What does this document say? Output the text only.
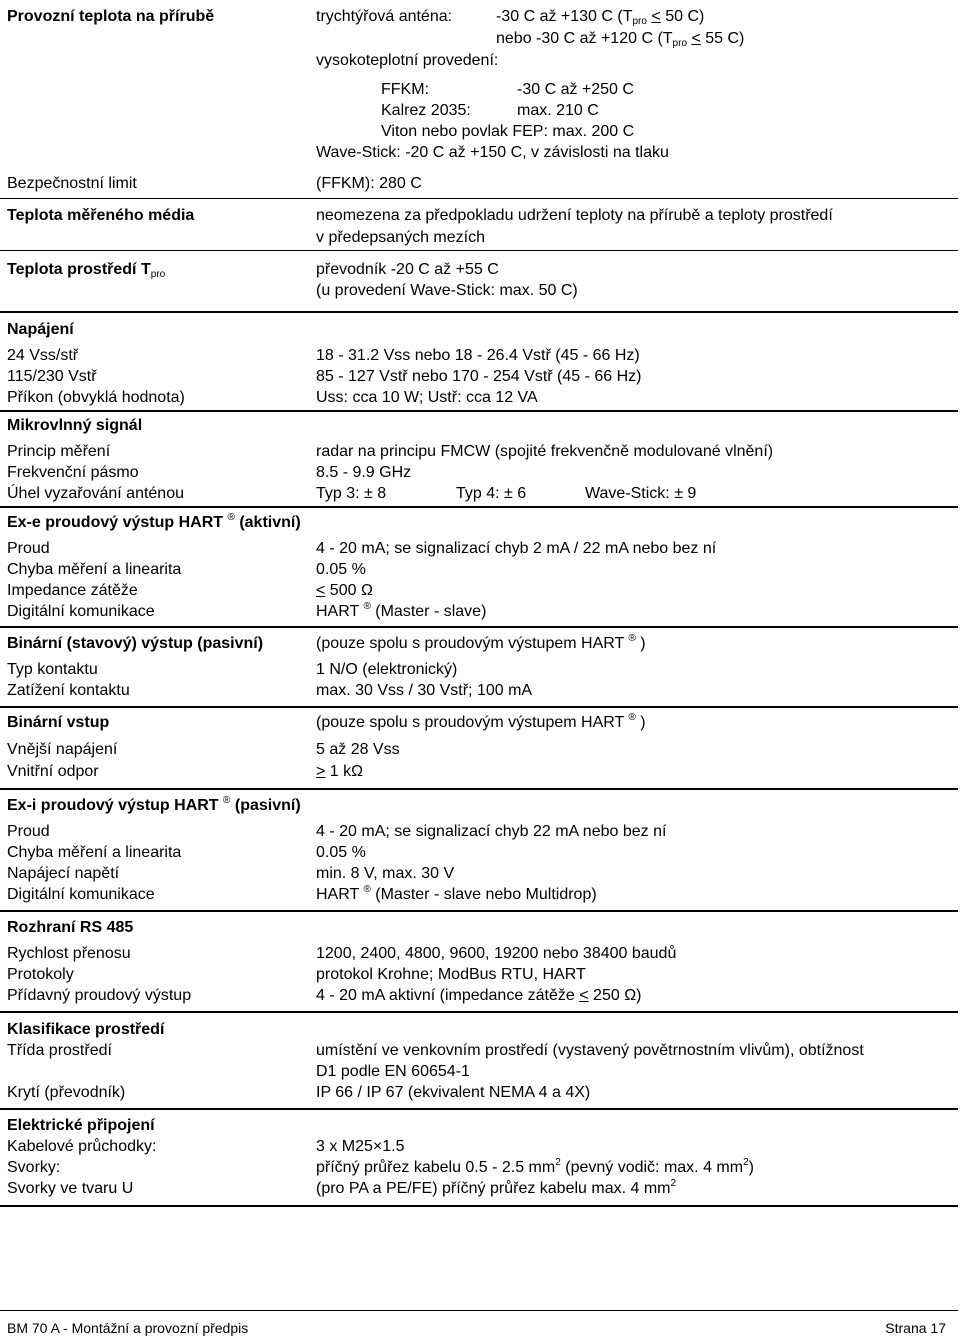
Provozní teplota na přírubě	trychtýřová anténa:	-30 C až +130 C ($T_{pro} < 50$ C)
nebo -30 C až +120 C ($T_{pro} < 55$ C)
vysokoteplotní provedení:
FFKM:	-30 C až +250 C
Kalrez 2035:	max. 210 C
Viton nebo povlak FEP: max. 200 C
Wave-Stick: -20 C až +150 C, v závislosti na tlaku
Bezpečnostní limit	(FFKM): 280 C
Teplota měřeného média	neomezena za předpokladu udržení teploty na přírubě a teploty prostředí
v předepsaných mezích
Teplota prostředí $T_{pro}$	převodník -20 C až +55 C
(u provedení Wave-Stick: max. 50 C)
Napájení
24 Vss/stř	18 - 31.2 Vss nebo 18 - 26.4 Vstř (45 - 66 Hz)
115/230 Vstř	85 - 127 Vstř nebo 170 - 254 Vstř (45 - 66 Hz)
Příkon (obvyklá hodnota)	Uss: cca 10 W; Ustř: cca 12 VA
Mikrovlnný signál
Princip měření	radar na principu FMCW (spojité frekvenčně modulované vlnění)
Frekvenční pásmo	8.5 - 9.9 GHz
Úhel vyzařování anténou	Typ 3: ± 8	Typ 4: ± 6	Wave-Stick: ± 9
Ex-e proudový výstup HART ® (aktivní)
Proud	4 - 20 mA; se signalizací chyb 2 mA / 22 mA nebo bez ní
Chyba měření a linearita	0.05 %
Impedance zátěže	< 500 Ω
Digitální komunikace	HART ® (Master - slave)
Binární (stavový) výstup (pasivní)	(pouze spolu s proudovým výstupem HART ® )
Typ kontaktu	1 N/O (elektronický)
Zatížení kontaktu	max. 30 Vss / 30 Vstř; 100 mA
Binární vstup	(pouze spolu s proudovým výstupem HART ® )
Vnější napájení	5 až 28 Vss
Vnitřní odpor	> 1 kΩ
Ex-i proudový výstup HART ® (pasivní)
Proud	4 - 20 mA; se signalizací chyb 22 mA nebo bez ní
Chyba měření a linearita	0.05 %
Napájecí napětí	min. 8 V, max. 30 V
Digitální komunikace	HART ® (Master - slave nebo Multidrop)
Rozhraní RS 485
Rychlost přenosu	1200, 2400, 4800, 9600, 19200 nebo 38400 baudů
Protokoly	protokol Krohne; ModBus RTU, HART
Přídavný proudový výstup	4 - 20 mA aktivní (impedance zátěže < 250 Ω)
Klasifikace prostředí
Třída prostředí	umístění ve venkovním prostředí (vystavený povětrnostním vlivům), obtížnost
D1 podle EN 60654-1
Krytí (převodník)	IP 66 / IP 67 (ekvivalent NEMA 4 a 4X)
Elektrické připojení
Kabelové průchodky:	3 x M25×1.5
Svorky:	příčný průřez kabelu 0.5 - 2.5 $mm^2$ (pevný vodič: max. 4 $mm^2$)
Svorky ve tvaru U	(pro PA a PE/FE) příčný průřez kabelu max. 4 $mm^2$
BM 70 A - Montážní a provozní předpis	Strana 17
